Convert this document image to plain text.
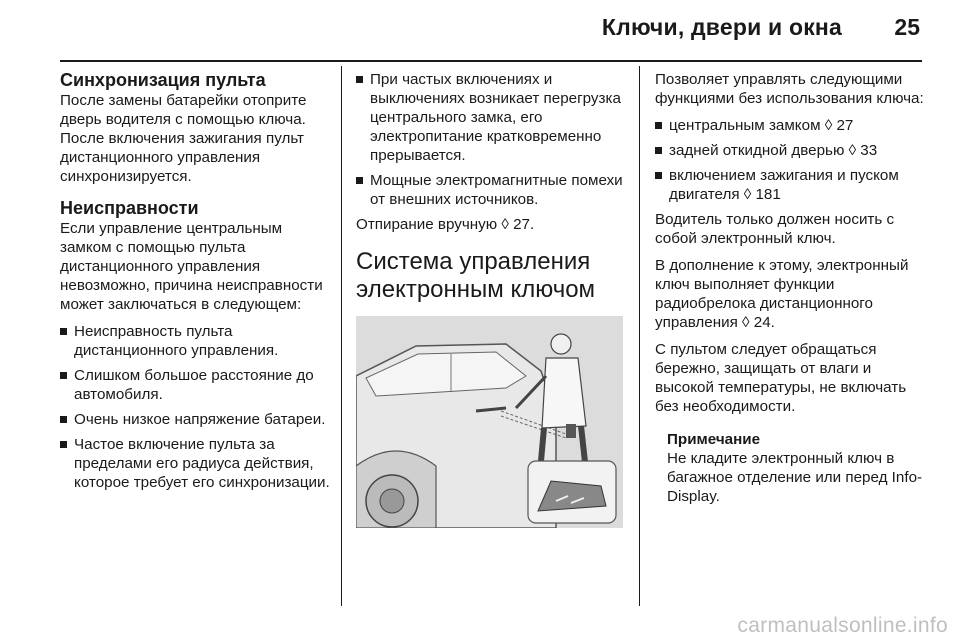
Ключи, двери и окна 25
Синхронизация пульта
После замены батарейки отоприте дверь водителя с помощью ключа. После включения зажигания пульт дистанционного управления синхронизируется.
Неисправности
Если управление центральным замком с помощью пульта дистанционного управления невозможно, причина неисправности может заключаться в следующем:
Неисправность пульта дистанционного управления.
Слишком большое расстояние до автомобиля.
Очень низкое напряжение батареи.
Частое включение пульта за пределами его радиуса действия, которое требует его синхронизации.
При частых включениях и выключениях возникает перегрузка центрального замка, его электропитание кратковременно прерывается.
Мощные электромагнитные помехи от внешних источников.
Отпирание вручную ◊ 27.
Система управления электронным ключом
Позволяет управлять следующими функциями без использования ключа:
центральным замком ◊ 27
задней откидной дверью ◊ 33
включением зажигания и пуском двигателя ◊ 181
Водитель только должен носить с собой электронный ключ.
В дополнение к этому, электронный ключ выполняет функции радиобрелока дистанционного управления ◊ 24.
С пультом следует обращаться бережно, защищать от влаги и высокой температуры, не включать без необходимости.
Примечание
Не кладите электронный ключ в багажное отделение или перед Info-Display.
carmanualsonline.info
